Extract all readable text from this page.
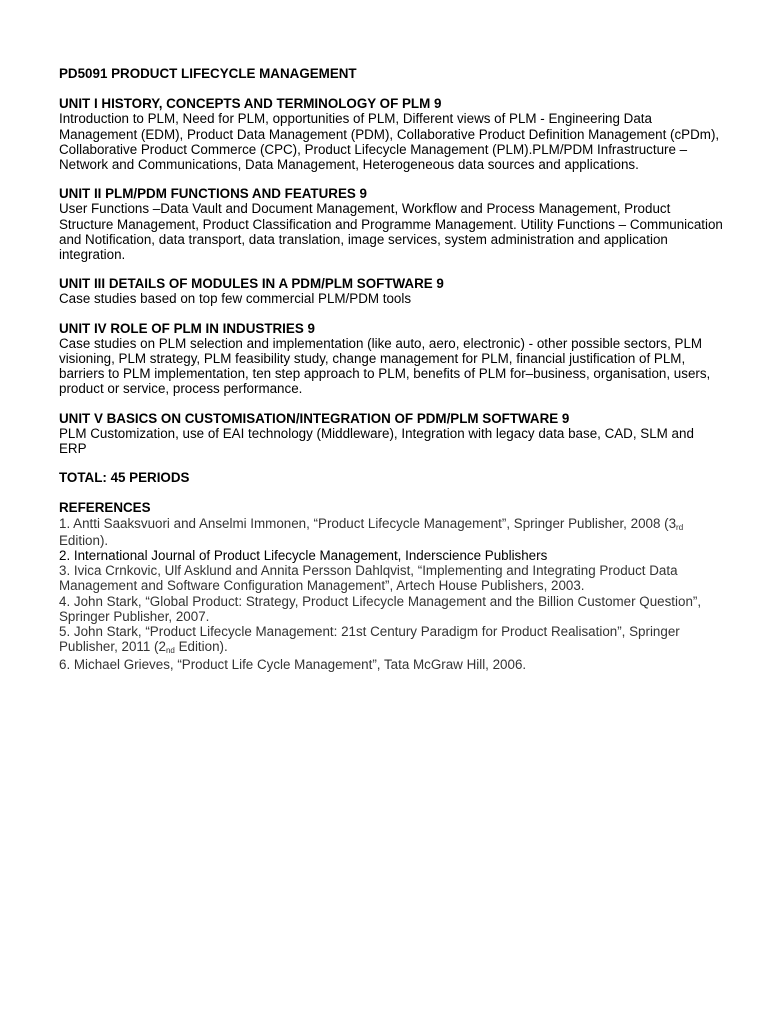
PD5091 PRODUCT LIFECYCLE MANAGEMENT
UNIT I HISTORY, CONCEPTS AND TERMINOLOGY OF PLM 9
Introduction to PLM, Need for PLM, opportunities of PLM, Different views of PLM - Engineering Data Management (EDM), Product Data Management (PDM), Collaborative Product Definition Management (cPDm), Collaborative Product Commerce (CPC), Product Lifecycle Management (PLM).PLM/PDM Infrastructure – Network and Communications, Data Management, Heterogeneous data sources and applications.
UNIT II PLM/PDM FUNCTIONS AND FEATURES 9
User Functions –Data Vault and Document Management, Workflow and Process Management, Product Structure Management, Product Classification and Programme Management. Utility Functions – Communication and Notification, data transport, data translation, image services, system administration and application integration.
UNIT III DETAILS OF MODULES IN A PDM/PLM SOFTWARE 9
Case studies based on top few commercial PLM/PDM tools
UNIT IV ROLE OF PLM IN INDUSTRIES 9
Case studies on PLM selection and implementation (like auto, aero, electronic) - other possible sectors, PLM visioning, PLM strategy, PLM feasibility study, change management for PLM, financial justification of PLM, barriers to PLM implementation, ten step approach to PLM, benefits of PLM for–business, organisation, users, product or service, process performance.
UNIT V BASICS ON CUSTOMISATION/INTEGRATION OF PDM/PLM SOFTWARE 9
PLM Customization, use of EAI technology (Middleware), Integration with legacy data base, CAD, SLM and ERP
TOTAL: 45 PERIODS
REFERENCES
1. Antti Saaksvuori and Anselmi Immonen, “Product Lifecycle Management”, Springer Publisher, 2008 ($3_{rd}$ Edition).
2. International Journal of Product Lifecycle Management, Inderscience Publishers
3. Ivica Crnkovic, Ulf Asklund and Annita Persson Dahlqvist, “Implementing and Integrating Product Data Management and Software Configuration Management”, Artech House Publishers, 2003.
4. John Stark, “Global Product: Strategy, Product Lifecycle Management and the Billion Customer Question”, Springer Publisher, 2007.
5. John Stark, “Product Lifecycle Management: 21st Century Paradigm for Product Realisation”, Springer Publisher, 2011 ($2_{nd}$ Edition).
6. Michael Grieves, “Product Life Cycle Management”, Tata McGraw Hill, 2006.
